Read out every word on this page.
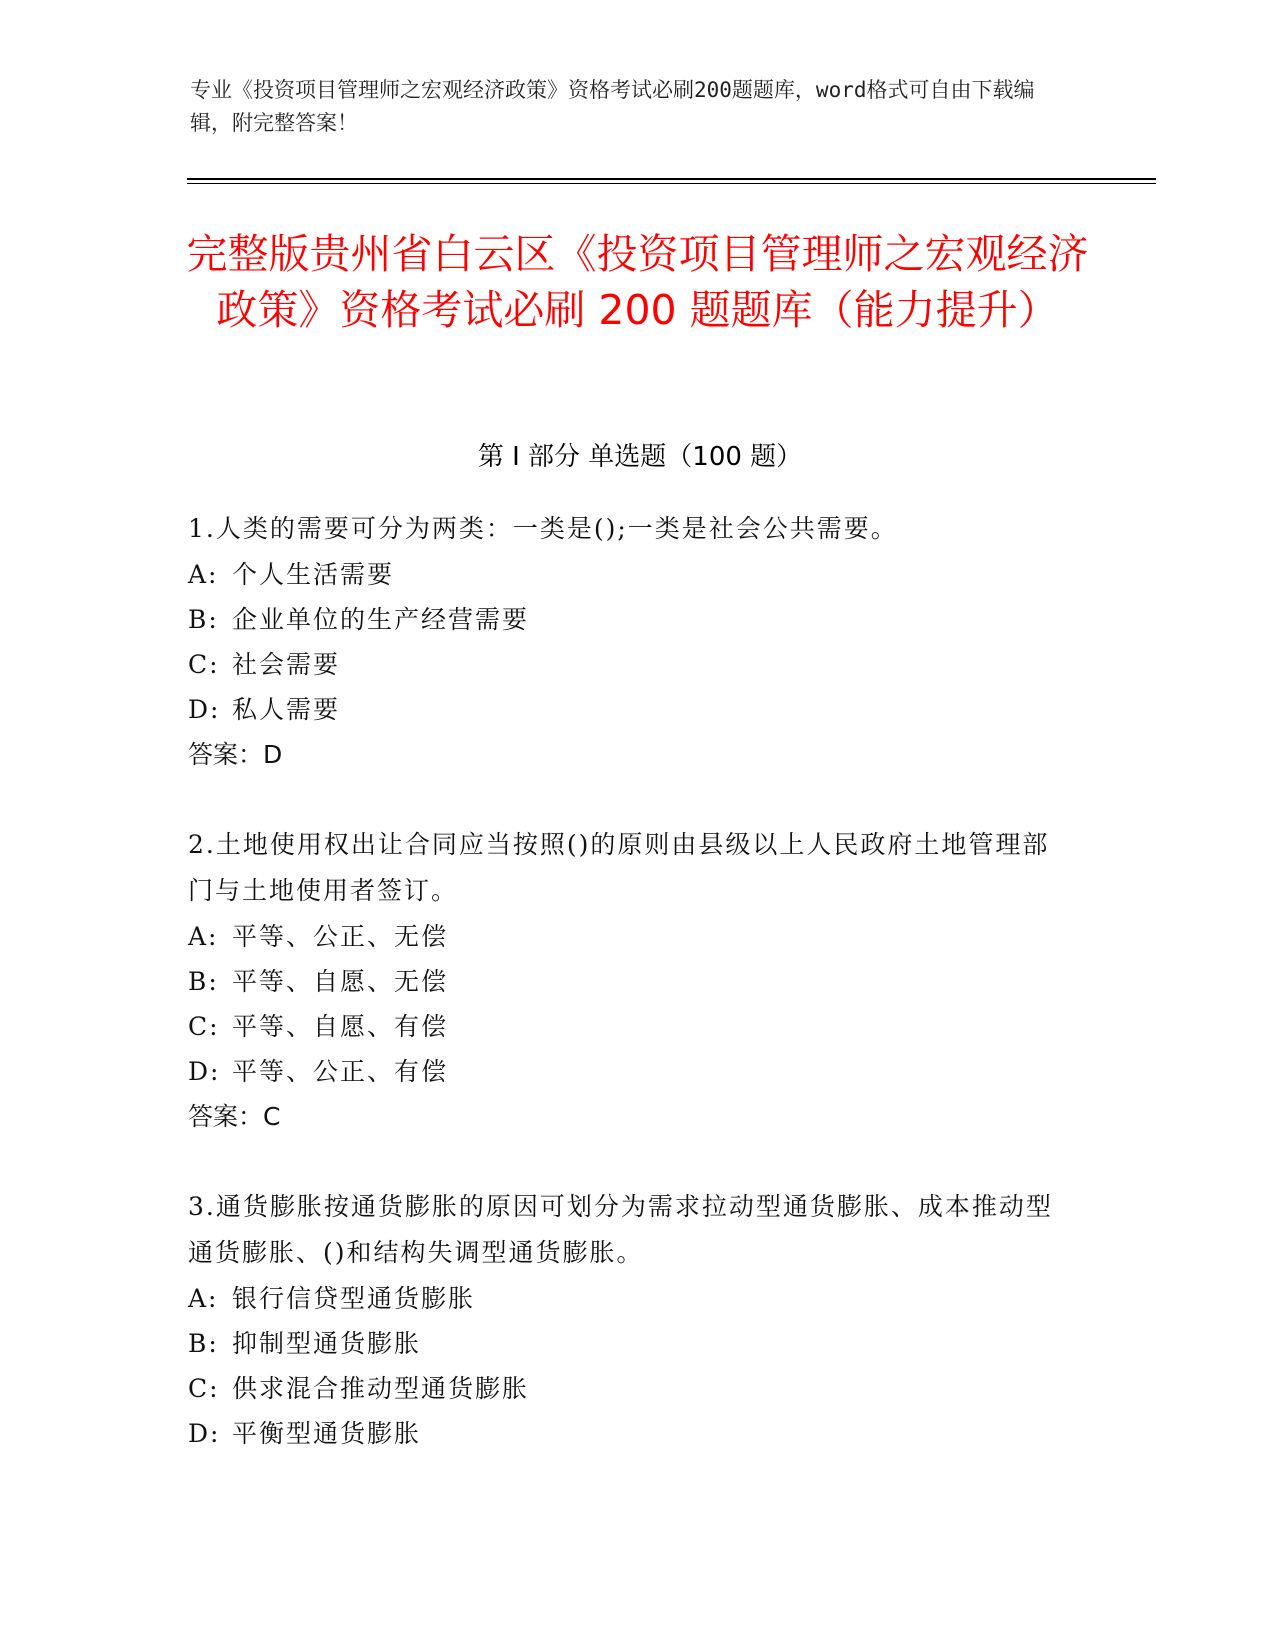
专业《投资项目管理师之宏观经济政策》资格考试必刷200题题库，word格式可自由下载编辑，附完整答案！
完整版贵州省白云区《投资项目管理师之宏观经济政策》资格考试必刷 200 题题库（能力提升）
第 I 部分 单选题（100 题）
1.人类的需要可分为两类：一类是();一类是社会公共需要。
A: 个人生活需要
B: 企业单位的生产经营需要
C: 社会需要
D: 私人需要
答案：D
2.土地使用权出让合同应当按照()的原则由县级以上人民政府土地管理部门与土地使用者签订。
A: 平等、公正、无偿
B: 平等、自愿、无偿
C: 平等、自愿、有偿
D: 平等、公正、有偿
答案：C
3.通货膨胀按通货膨胀的原因可划分为需求拉动型通货膨胀、成本推动型通货膨胀、()和结构失调型通货膨胀。
A: 银行信贷型通货膨胀
B: 抑制型通货膨胀
C: 供求混合推动型通货膨胀
D: 平衡型通货膨胀
